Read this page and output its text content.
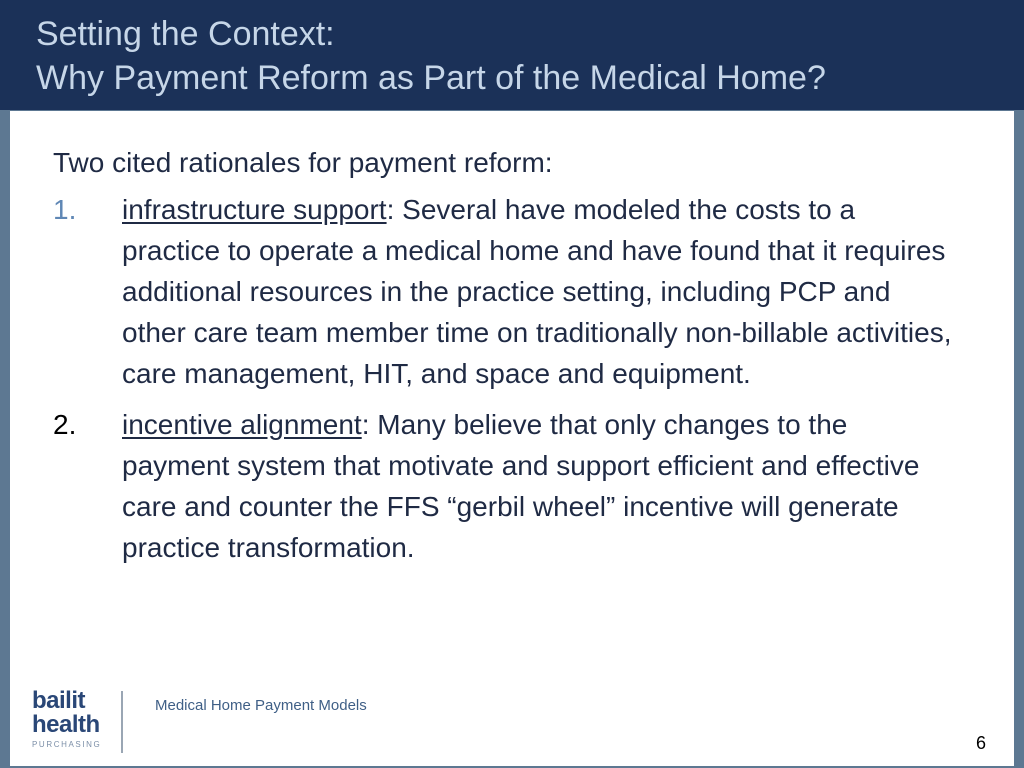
Setting the Context:
Why Payment Reform as Part of the Medical Home?

Two cited rationales for payment reform:

1. infrastructure support: Several have modeled the costs to a practice to operate a medical home and have found that it requires additional resources in the practice setting, including PCP and other care team member time on traditionally non-billable activities, care management, HIT, and space and equipment.
2. incentive alignment: Many believe that only changes to the payment system that motivate and support efficient and effective care and counter the FFS “gerbil wheel” incentive will generate practice transformation.
bailit
health
PURCHASING
Medical Home Payment Models
6
